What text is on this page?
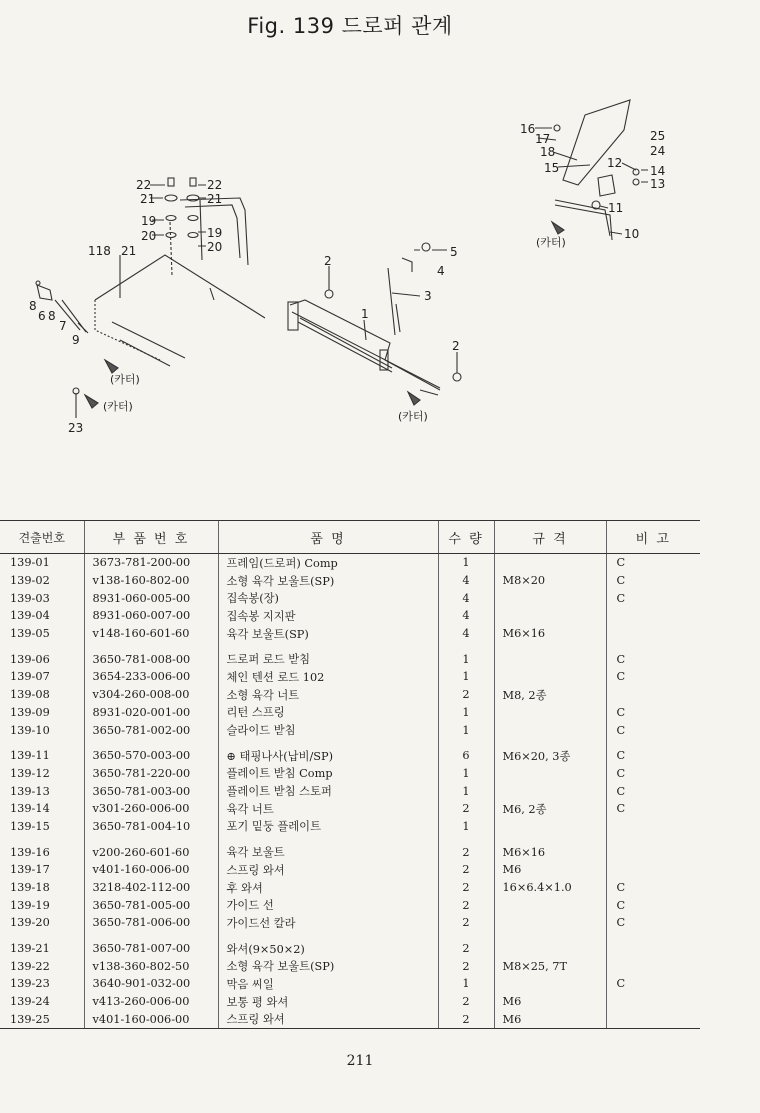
Fig. 139 드로퍼 관계
22	22
21	21
19
19
20
20
118 21
8
6 8
7
9
23
(카터)
(카터)
2
2
1
3
4
5
(카터)
16
17
18
15	12
25
24
14
13
11
10
(카터)
견출번호	부 품 번 호	품 명	수 량	규 격	비 고
139-01	3673-781-200-00	프레임(드로퍼) Comp	1		C
139-02	v138-160-802-00	소형 육각 보울트(SP)	4	M8×20	C
139-03	8931-060-005-00	집속봉(장)	4		C
139-04	8931-060-007-00	집속봉 지지판	4		
139-05	v148-160-601-60	육각 보울트(SP)	4	M6×16	
139-06	3650-781-008-00	드로퍼 로드 받침	1		C
139-07	3654-233-006-00	체인 텐션 로드 102	1		C
139-08	v304-260-008-00	소형 육각 너트	2	M8, 2종	
139-09	8931-020-001-00	리턴 스프링	1		C
139-10	3650-781-002-00	슬라이드 받침	1		C
139-11	3650-570-003-00	⊕ 태핑나사(납비/SP)	6	M6×20, 3종	C
139-12	3650-781-220-00	플레이트 받침 Comp	1		C
139-13	3650-781-003-00	플레이트 받침 스토퍼	1		C
139-14	v301-260-006-00	육각 너트	2	M6, 2종	C
139-15	3650-781-004-10	포기 밑둥 플레이트	1		
139-16	v200-260-601-60	육각 보울트	2	M6×16	
139-17	v401-160-006-00	스프링 와셔	2	M6	
139-18	3218-402-112-00	후 와셔	2	16×6.4×1.0	C
139-19	3650-781-005-00	가이드 선	2		C
139-20	3650-781-006-00	가이드선 칼라	2		C
139-21	3650-781-007-00	와셔(9×50×2)	2		
139-22	v138-360-802-50	소형 육각 보울트(SP)	2	M8×25, 7T	
139-23	3640-901-032-00	막음 씨일	1		C
139-24	v413-260-006-00	보통 평 와셔	2	M6	
139-25	v401-160-006-00	스프링 와셔	2	M6	
211
